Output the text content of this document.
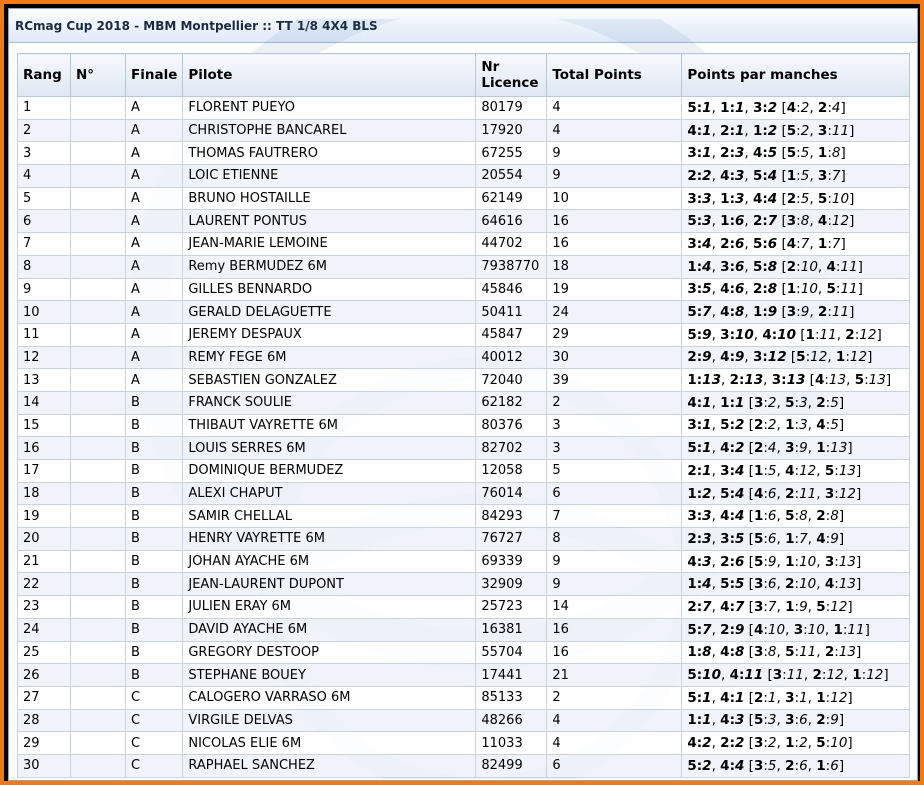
RCmag Cup 2018 - MBM Montpellier :: TT 1/8 4X4 BLS
Rang	N°	Finale	Pilote	Nr Licence	Total Points	Points par manches
1		A	FLORENT PUEYO	80179	4	5:1, 1:1, 3:2 [4:2, 2:4]
2		A	CHRISTOPHE BANCAREL	17920	4	4:1, 2:1, 1:2 [5:2, 3:11]
3		A	THOMAS FAUTRERO	67255	9	3:1, 2:3, 4:5 [5:5, 1:8]
4		A	LOIC ETIENNE	20554	9	2:2, 4:3, 5:4 [1:5, 3:7]
5		A	BRUNO HOSTAILLE	62149	10	3:3, 1:3, 4:4 [2:5, 5:10]
6		A	LAURENT PONTUS	64616	16	5:3, 1:6, 2:7 [3:8, 4:12]
7		A	JEAN-MARIE LEMOINE	44702	16	3:4, 2:6, 5:6 [4:7, 1:7]
8		A	Remy BERMUDEZ 6M	7938770	18	1:4, 3:6, 5:8 [2:10, 4:11]
9		A	GILLES BENNARDO	45846	19	3:5, 4:6, 2:8 [1:10, 5:11]
10		A	GERALD DELAGUETTE	50411	24	5:7, 4:8, 1:9 [3:9, 2:11]
11		A	JEREMY DESPAUX	45847	29	5:9, 3:10, 4:10 [1:11, 2:12]
12		A	REMY FEGE 6M	40012	30	2:9, 4:9, 3:12 [5:12, 1:12]
13		A	SEBASTIEN GONZALEZ	72040	39	1:13, 2:13, 3:13 [4:13, 5:13]
14		B	FRANCK SOULIE	62182	2	4:1, 1:1 [3:2, 5:3, 2:5]
15		B	THIBAUT VAYRETTE 6M	80376	3	3:1, 5:2 [2:2, 1:3, 4:5]
16		B	LOUIS SERRES 6M	82702	3	5:1, 4:2 [2:4, 3:9, 1:13]
17		B	DOMINIQUE BERMUDEZ	12058	5	2:1, 3:4 [1:5, 4:12, 5:13]
18		B	ALEXI CHAPUT	76014	6	1:2, 5:4 [4:6, 2:11, 3:12]
19		B	SAMIR CHELLAL	84293	7	3:3, 4:4 [1:6, 5:8, 2:8]
20		B	HENRY VAYRETTE 6M	76727	8	2:3, 3:5 [5:6, 1:7, 4:9]
21		B	JOHAN AYACHE 6M	69339	9	4:3, 2:6 [5:9, 1:10, 3:13]
22		B	JEAN-LAURENT DUPONT	32909	9	1:4, 5:5 [3:6, 2:10, 4:13]
23		B	JULIEN ERAY 6M	25723	14	2:7, 4:7 [3:7, 1:9, 5:12]
24		B	DAVID AYACHE 6M	16381	16	5:7, 2:9 [4:10, 3:10, 1:11]
25		B	GREGORY DESTOOP	55704	16	1:8, 4:8 [3:8, 5:11, 2:13]
26		B	STEPHANE BOUEY	17441	21	5:10, 4:11 [3:11, 2:12, 1:12]
27		C	CALOGERO VARRASO 6M	85133	2	5:1, 4:1 [2:1, 3:1, 1:12]
28		C	VIRGILE DELVAS	48266	4	1:1, 4:3 [5:3, 3:6, 2:9]
29		C	NICOLAS ELIE 6M	11033	4	4:2, 2:2 [3:2, 1:2, 5:10]
30		C	RAPHAEL SANCHEZ	82499	6	5:2, 4:4 [3:5, 2:6, 1:6]
